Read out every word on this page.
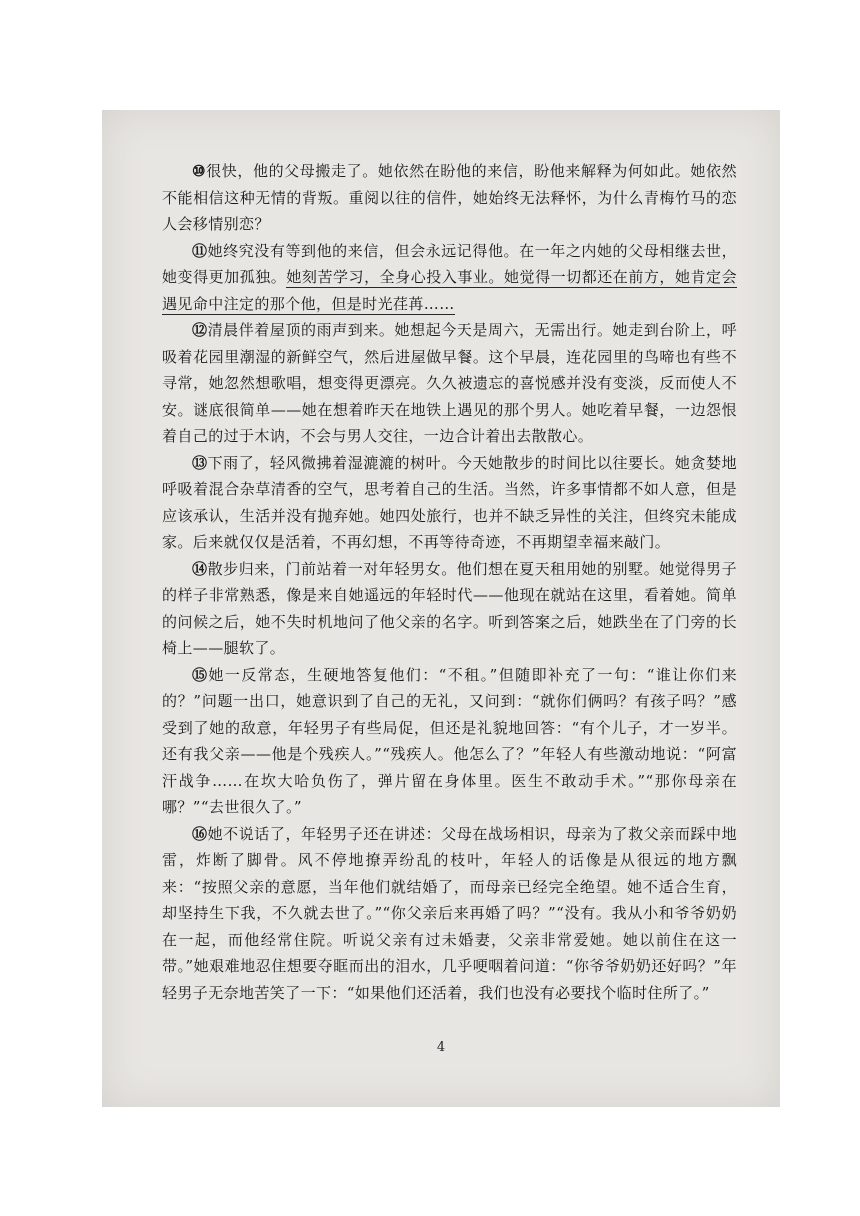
⑩很快，他的父母搬走了。她依然在盼他的来信，盼他来解释为何如此。她依然不能相信这种无情的背叛。重阅以往的信件，她始终无法释怀，为什么青梅竹马的恋人会移情别恋？

⑪她终究没有等到他的来信，但会永远记得他。在一年之内她的父母相继去世，她变得更加孤独。她刻苦学习，全身心投入事业。她觉得一切都还在前方，她肯定会遇见命中注定的那个他，但是时光荏苒……

⑫清晨伴着屋顶的雨声到来。她想起今天是周六，无需出行。她走到台阶上，呼吸着花园里潮湿的新鲜空气，然后进屋做早餐。这个早晨，连花园里的鸟啼也有些不寻常，她忽然想歌唱，想变得更漂亮。久久被遗忘的喜悦感并没有变淡，反而使人不安。谜底很简单——她在想着昨天在地铁上遇见的那个男人。她吃着早餐，一边怨恨着自己的过于木讷，不会与男人交往，一边合计着出去散散心。

⑬下雨了，轻风微拂着湿漉漉的树叶。今天她散步的时间比以往要长。她贪婪地呼吸着混合杂草清香的空气，思考着自己的生活。当然，许多事情都不如人意，但是应该承认，生活并没有抛弃她。她四处旅行，也并不缺乏异性的关注，但终究未能成家。后来就仅仅是活着，不再幻想，不再等待奇迹，不再期望幸福来敲门。

⑭散步归来，门前站着一对年轻男女。他们想在夏天租用她的别墅。她觉得男子的样子非常熟悉，像是来自她遥远的年轻时代——他现在就站在这里，看着她。简单的问候之后，她不失时机地问了他父亲的名字。听到答案之后，她跌坐在了门旁的长椅上——腿软了。

⑮她一反常态，生硬地答复他们：“不租。”但随即补充了一句：“谁让你们来的？”问题一出口，她意识到了自己的无礼，又问到：“就你们俩吗？有孩子吗？”感受到了她的敌意，年轻男子有些局促，但还是礼貌地回答：“有个儿子，才一岁半。还有我父亲——他是个残疾人。”“残疾人。他怎么了？”年轻人有些激动地说：“阿富汗战争……在坎大哈负伤了，弹片留在身体里。医生不敢动手术。”“那你母亲在哪？”“去世很久了。”

⑯她不说话了，年轻男子还在讲述：父母在战场相识，母亲为了救父亲而踩中地雷，炸断了脚骨。风不停地撩弄纷乱的枝叶，年轻人的话像是从很远的地方飘来：“按照父亲的意愿，当年他们就结婚了，而母亲已经完全绝望。她不适合生育，却坚持生下我，不久就去世了。”“你父亲后来再婚了吗？”“没有。我从小和爷爷奶奶在一起，而他经常住院。听说父亲有过未婚妻，父亲非常爱她。她以前住在这一带。”她艰难地忍住想要夺眶而出的泪水，几乎哽咽着问道：“你爷爷奶奶还好吗？”年轻男子无奈地苦笑了一下：“如果他们还活着，我们也没有必要找个临时住所了。”

4
